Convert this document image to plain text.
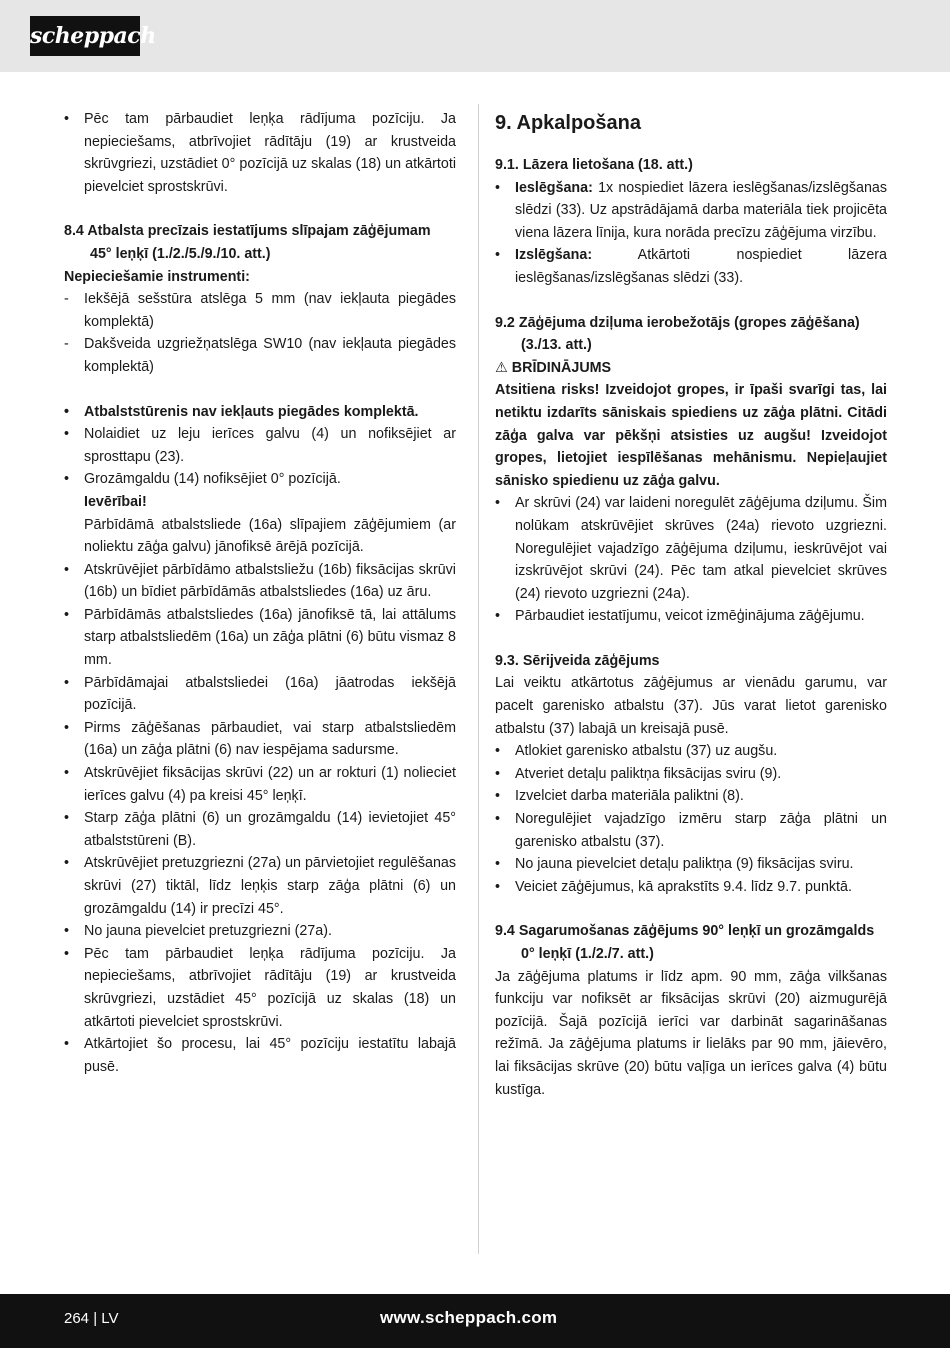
scheppach
• Pēc tam pārbaudiet leņķa rādījuma pozīciju. Ja nepieciešams, atbrīvojiet rādītāju (19) ar krustveida skrūvgriezi, uzstādiet 0° pozīcijā uz skalas (18) un atkārtoti pievelciet sprostskrūvi.
8.4 Atbalsta precīzais iestatījums slīpajam zāģējumam 45° leņķī (1./2./5./9./10. att.)

Nepieciešamie instrumenti:

- Iekšējā sešstūra atslēga 5 mm (nav iekļauta piegādes komplektā)
- Dakšveida uzgriežņatslēga SW10 (nav iekļauta piegādes komplektā)
• Atbalststūrenis nav iekļauts piegādes komplektā.
• Nolaidiet uz leju ierīces galvu (4) un nofiksējiet ar sprosttapu (23).
• Grozāmgaldu (14) nofiksējiet 0° pozīcijā.
Ievērībai!
Pārbīdāmā atbalstsliede (16a) slīpajiem zāģējumiem (ar noliektu zāģa galvu) jānofiksē ārējā pozīcijā.
• Atskrūvējiet pārbīdāmo atbalstsliežu (16b) fiksācijas skrūvi (16b) un bīdiet pārbīdāmās atbalstsliedes (16a) uz āru.
• Pārbīdāmās atbalstsliedes (16a) jānofiksē tā, lai attālums starp atbalstsliedēm (16a) un zāģa plātni (6) būtu vismaz 8 mm.
• Pārbīdāmajai atbalstsliedei (16a) jāatrodas iekšējā pozīcijā.
• Pirms zāģēšanas pārbaudiet, vai starp atbalstsliedēm (16a) un zāģa plātni (6) nav iespējama sadursme.
• Atskrūvējiet fiksācijas skrūvi (22) un ar rokturi (1) nolieciet ierīces galvu (4) pa kreisi 45° leņķī.
• Starp zāģa plātni (6) un grozāmgaldu (14) ievietojiet 45° atbalststūreni (B).
• Atskrūvējiet pretuzgriezni (27a) un pārvietojiet regulēšanas skrūvi (27) tiktāl, līdz leņķis starp zāģa plātni (6) un grozāmgaldu (14) ir precīzi 45°.
• No jauna pievelciet pretuzgriezni (27a).
• Pēc tam pārbaudiet leņķa rādījuma pozīciju. Ja nepieciešams, atbrīvojiet rādītāju (19) ar krustveida skrūvgriezi, uzstādiet 45° pozīcijā uz skalas (18) un atkārtoti pievelciet sprostskrūvi.
• Atkārtojiet šo procesu, lai 45° pozīciju iestatītu labajā pusē.
9. Apkalpošana

9.1. Lāzera lietošana (18. att.)

• Ieslēgšana: 1x nospiediet lāzera ieslēgšanas/izslēgšanas slēdzi (33). Uz apstrādājamā darba materiāla tiek projicēta viena lāzera līnija, kura norāda precīzu zāģējuma virzību.
• Izslēgšana: Atkārtoti nospiediet lāzera ieslēgšanas/izslēgšanas slēdzi (33).
9.2 Zāģējuma dziļuma ierobežotājs (gropes zāģēšana)
(3./13. att.)

⚠ BRĪDINĀJUMS

Atsitiena risks! Izveidojot gropes, ir īpaši svarīgi tas, lai netiktu izdarīts sāniskais spiediens uz zāģa plātni. Citādi zāģa galva var pēkšņi atsisties uz augšu! Izveidojot gropes, lietojiet iespīlēšanas mehānismu. Nepieļaujiet sānisko spiedienu uz zāģa galvu.

• Ar skrūvi (24) var laideni noregulēt zāģējuma dziļumu. Šim nolūkam atskrūvējiet skrūves (24a) rievoto uzgriezni. Noregulējiet vajadzīgo zāģējuma dziļumu, ieskrūvējot vai izskrūvējot skrūvi (24). Pēc tam atkal pievelciet skrūves (24) rievoto uzgriezni (24a).
• Pārbaudiet iestatījumu, veicot izmēģinājuma zāģējumu.

9.3. Sērijveida zāģējums

Lai veiktu atkārtotus zāģējumus ar vienādu garumu, var pacelt garenisko atbalstu (37). Jūs varat lietot garenisko atbalstu (37) labajā un kreisajā pusē.

• Atlokiet garenisko atbalstu (37) uz augšu.
• Atveriet detaļu paliktņa fiksācijas sviru (9).
• Izvelciet darba materiāla paliktni (8).
• Noregulējiet vajadzīgo izmēru starp zāģa plātni un garenisko atbalstu (37).
• No jauna pievelciet detaļu paliktņa (9) fiksācijas sviru.
• Veiciet zāģējumus, kā aprakstīts 9.4. līdz 9.7. punktā.
9.4 Sagarumošanas zāģējums 90° leņķī un grozāmgalds 0° leņķī (1./2./7. att.)

Ja zāģējuma platums ir līdz apm. 90 mm, zāģa vilkšanas funkciju var nofiksēt ar fiksācijas skrūvi (20) aizmugurējā pozīcijā. Šajā pozīcijā ierīci var darbināt sagarināšanas režīmā. Ja zāģējuma platums ir lielāks par 90 mm, jāievēro, lai fiksācijas skrūve (20) būtu vaļīga un ierīces galva (4) būtu kustīga.

264 | LV	www.scheppach.com
